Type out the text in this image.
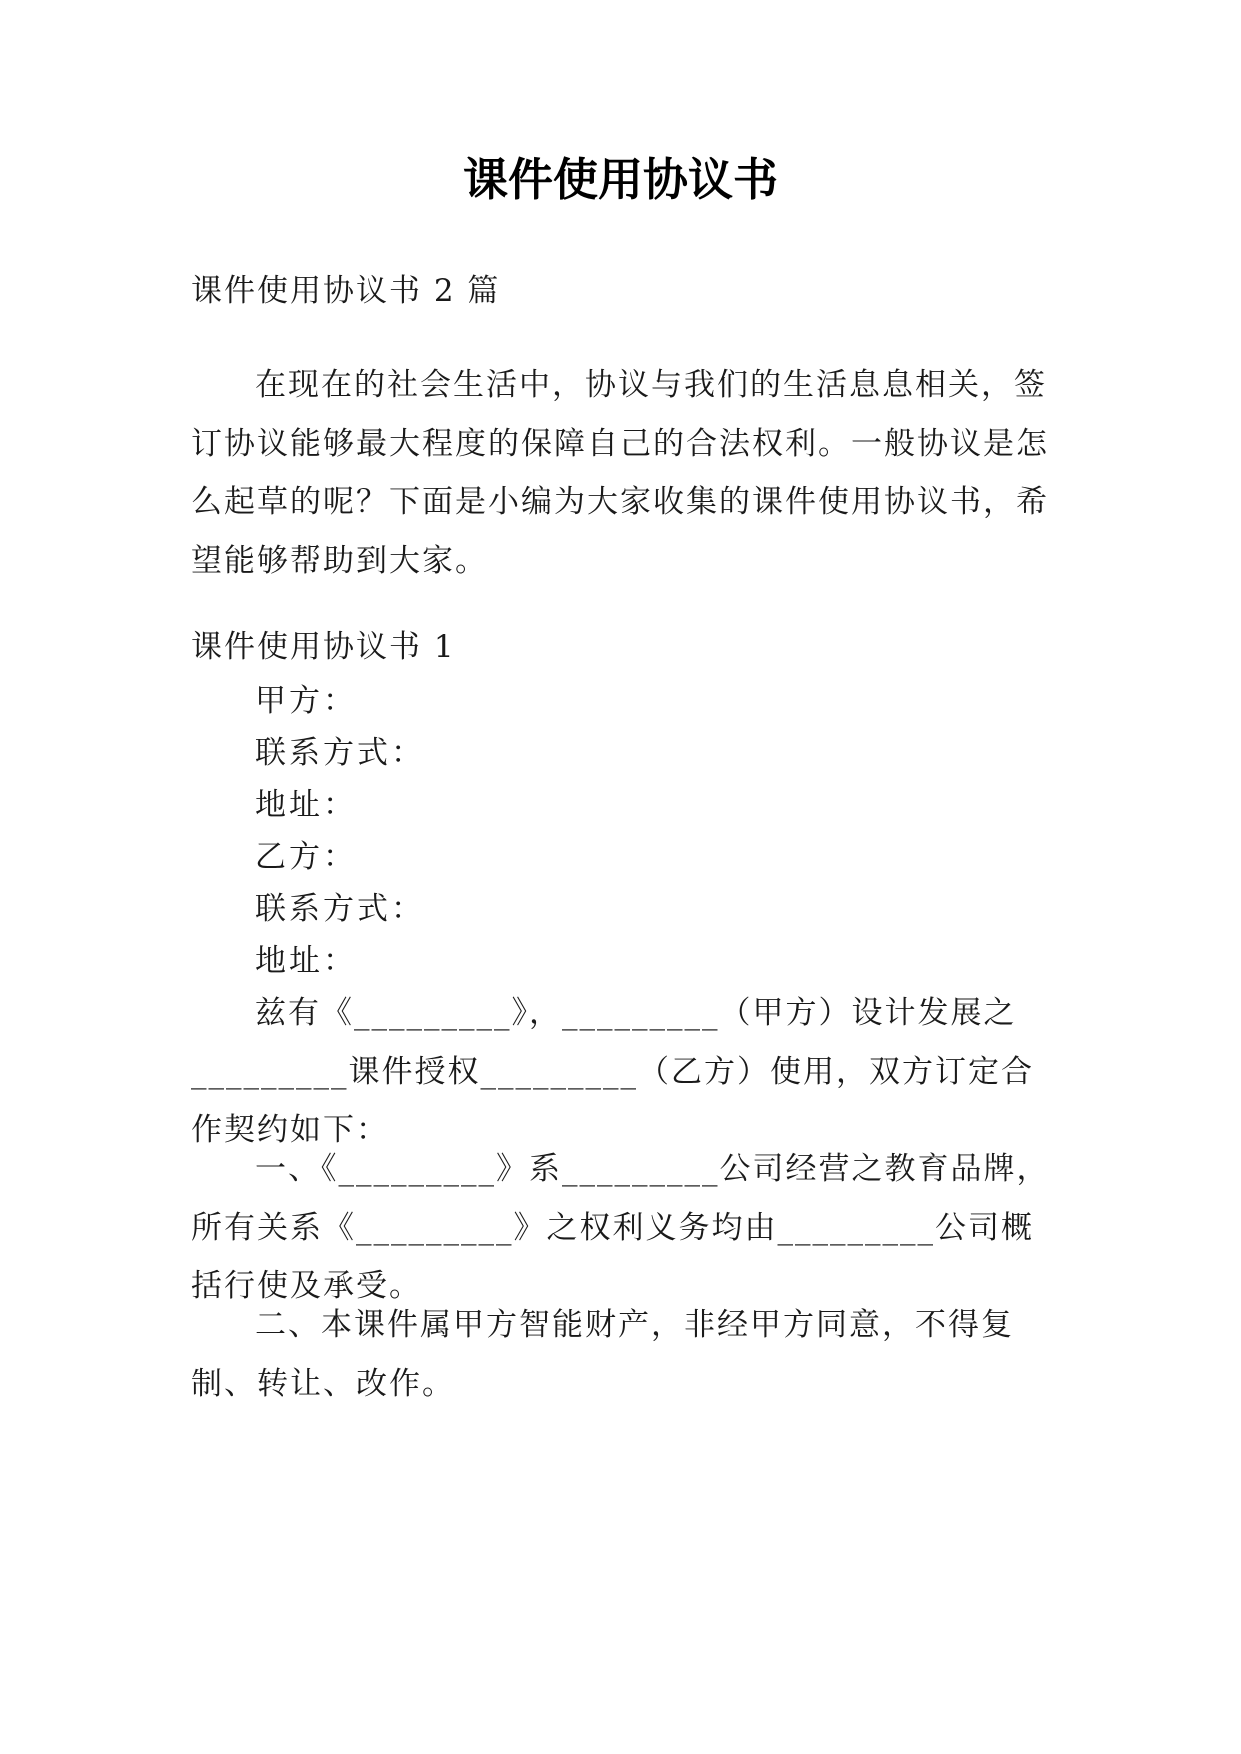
课件使用协议书

课件使用协议书 2 篇

在现在的社会生活中，协议与我们的生活息息相关，签订协议能够最大程度的保障自己的合法权利。一般协议是怎么起草的呢？下面是小编为大家收集的课件使用协议书，希望能够帮助到大家。

课件使用协议书 1

甲方：
联系方式：
地址：
乙方：
联系方式：
地址：

兹有《_________》，_________（甲方）设计发展之_________课件授权_________（乙方）使用，双方订定合作契约如下：

一、《_________》系_________公司经营之教育品牌，所有关系《_________》之权利义务均由_________公司概括行使及承受。

二、本课件属甲方智能财产，非经甲方同意，不得复制、转让、改作。
